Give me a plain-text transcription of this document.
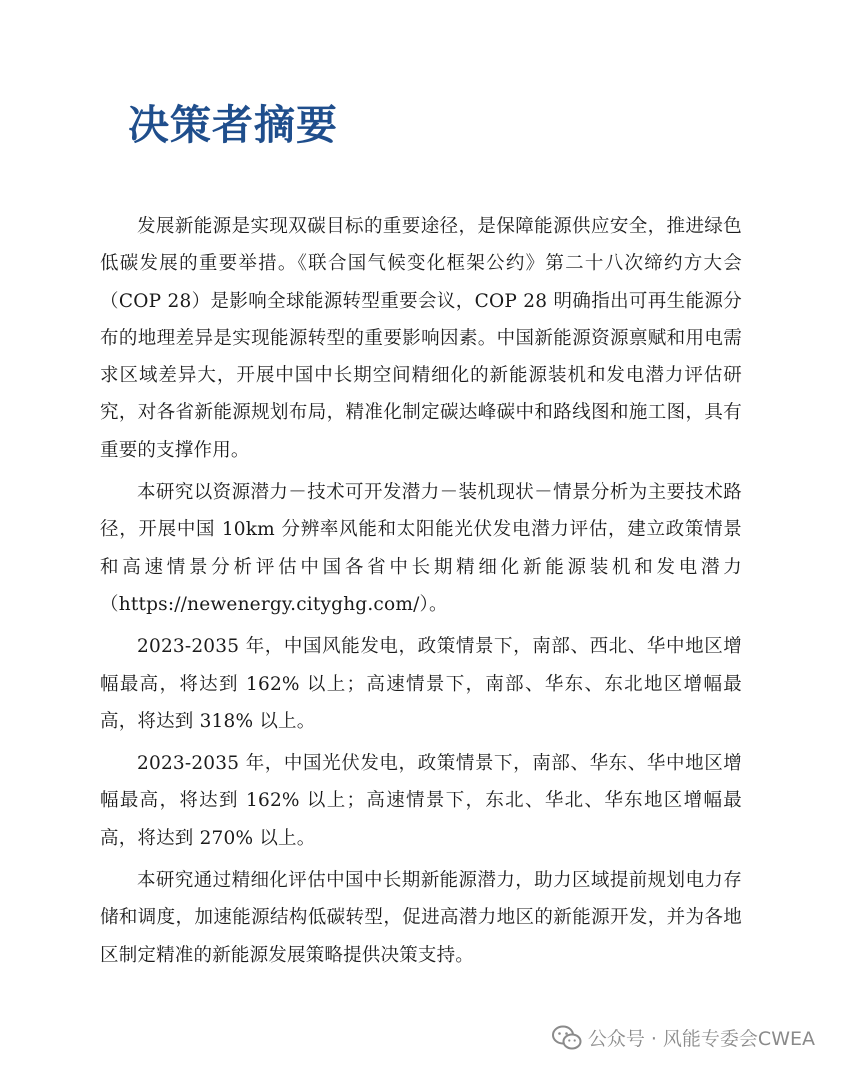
决策者摘要

发展新能源是实现双碳目标的重要途径，是保障能源供应安全，推进绿色低碳发展的重要举措。《联合国气候变化框架公约》第二十八次缔约方大会（COP 28）是影响全球能源转型重要会议，COP 28 明确指出可再生能源分布的地理差异是实现能源转型的重要影响因素。中国新能源资源禀赋和用电需求区域差异大，开展中国中长期空间精细化的新能源装机和发电潜力评估研究，对各省新能源规划布局，精准化制定碳达峰碳中和路线图和施工图，具有重要的支撑作用。

本研究以资源潜力－技术可开发潜力－装机现状－情景分析为主要技术路径，开展中国 10km 分辨率风能和太阳能光伏发电潜力评估，建立政策情景和高速情景分析评估中国各省中长期精细化新能源装机和发电潜力（https://newenergy.cityghg.com/）。

2023-2035 年，中国风能发电，政策情景下，南部、西北、华中地区增幅最高，将达到 162% 以上；高速情景下，南部、华东、东北地区增幅最高，将达到 318% 以上。

2023-2035 年，中国光伏发电，政策情景下，南部、华东、华中地区增幅最高，将达到 162% 以上；高速情景下，东北、华北、华东地区增幅最高，将达到 270% 以上。

本研究通过精细化评估中国中长期新能源潜力，助力区域提前规划电力存储和调度，加速能源结构低碳转型，促进高潜力地区的新能源开发，并为各地区制定精准的新能源发展策略提供决策支持。

公众号 · 风能专委会CWEA
